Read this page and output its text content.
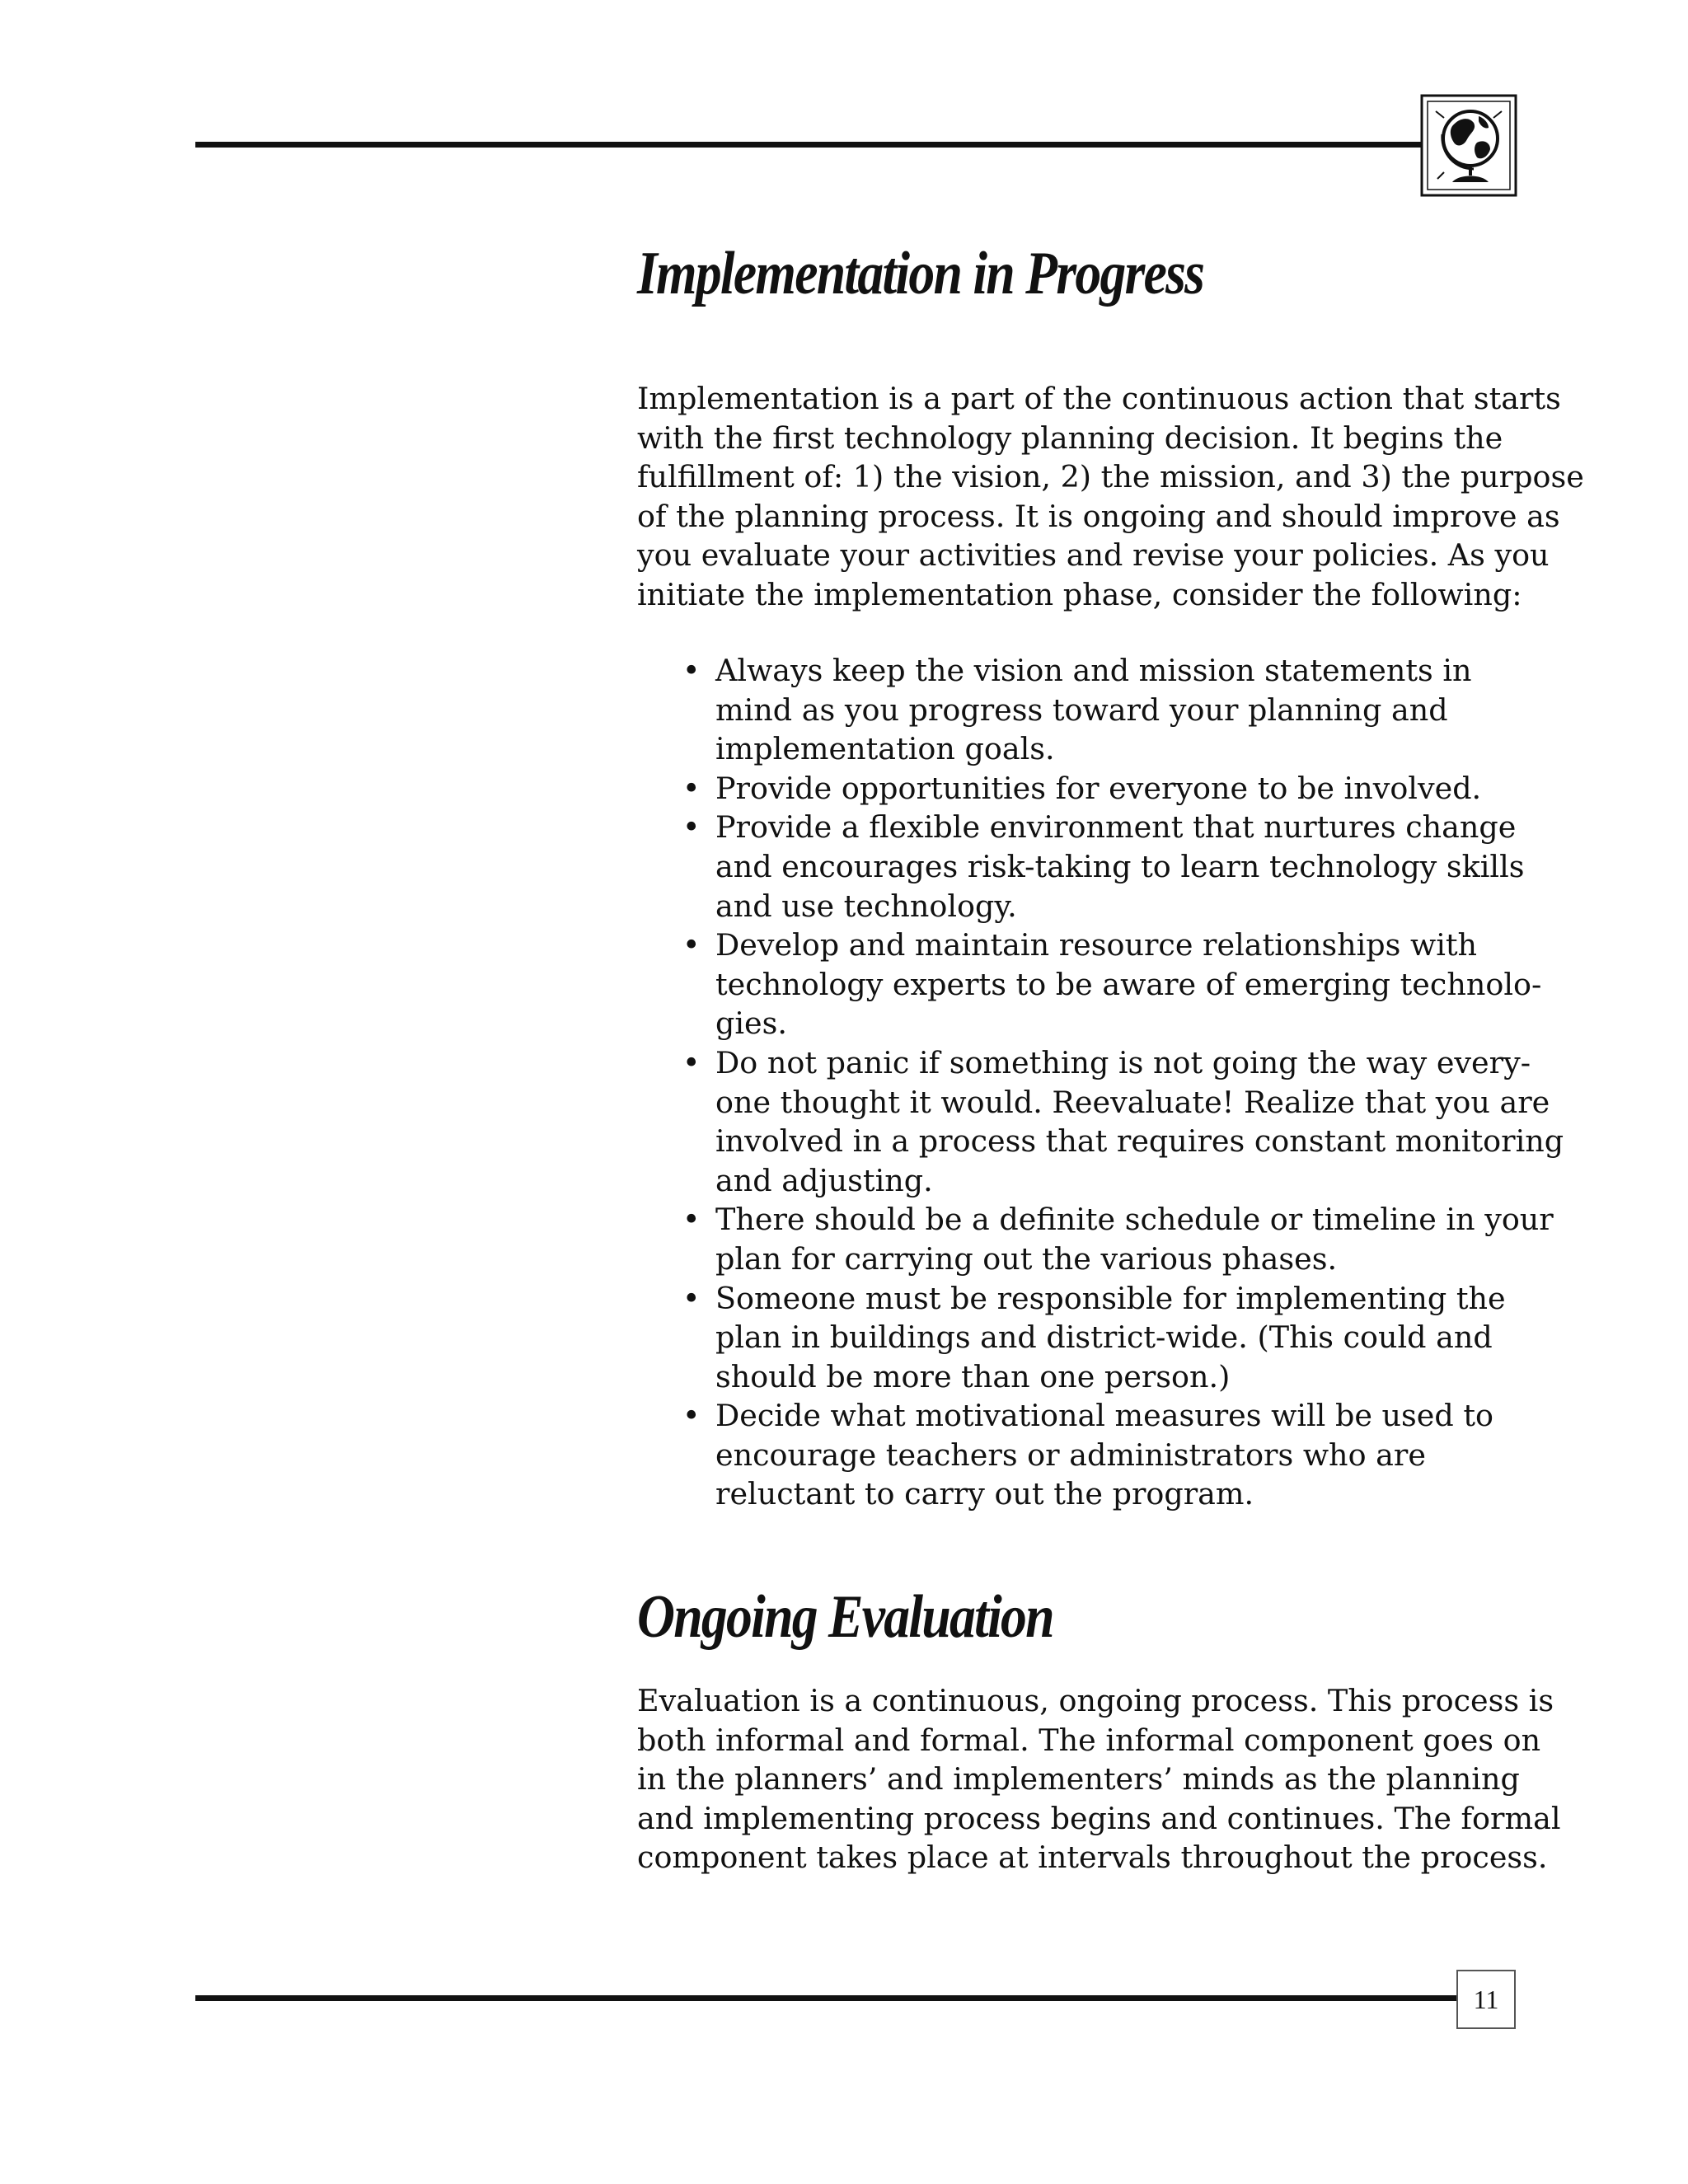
Implementation in Progress

Implementation is a part of the continuous action that starts
with the first technology planning decision. It begins the
fulfillment of: 1) the vision, 2) the mission, and 3) the purpose
of the planning process. It is ongoing and should improve as
you evaluate your activities and revise your policies. As you
initiate the implementation phase, consider the following:

• Always keep the vision and mission statements in
mind as you progress toward your planning and
implementation goals.
• Provide opportunities for everyone to be involved.
• Provide a flexible environment that nurtures change
and encourages risk-taking to learn technology skills
and use technology.
• Develop and maintain resource relationships with
technology experts to be aware of emerging technolo-
gies.
• Do not panic if something is not going the way every-
one thought it would. Reevaluate! Realize that you are
involved in a process that requires constant monitoring
and adjusting.
• There should be a definite schedule or timeline in your
plan for carrying out the various phases.
• Someone must be responsible for implementing the
plan in buildings and district-wide. (This could and
should be more than one person.)
• Decide what motivational measures will be used to
encourage teachers or administrators who are
reluctant to carry out the program.
Ongoing Evaluation

Evaluation is a continuous, ongoing process. This process is
both informal and formal. The informal component goes on
in the planners’ and implementers’ minds as the planning
and implementing process begins and continues. The formal
component takes place at intervals throughout the process.

11
